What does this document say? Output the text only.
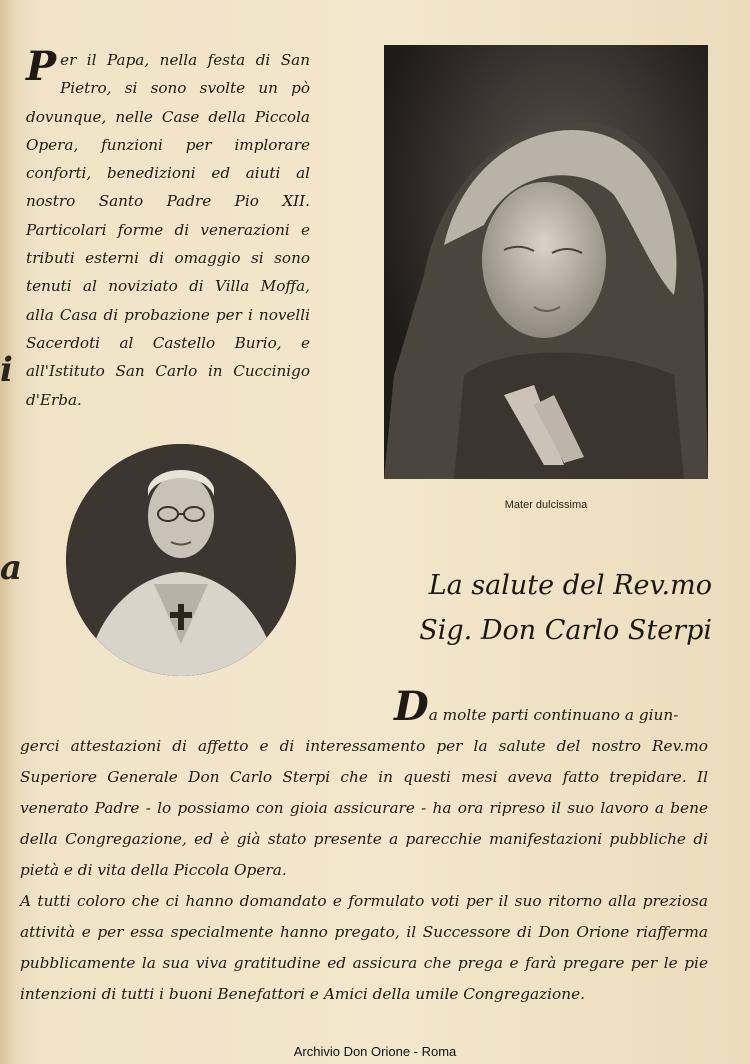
i
a
Per il Papa, nella festa di San Pietro, si sono svolte un pò dovunque, nelle Case della Piccola Opera, funzioni per implorare conforti, benedizioni ed aiuti al nostro Santo Padre Pio XII. Particolari forme di venerazioni e tributi esterni di omaggio si sono tenuti al noviziato di Villa Moffa, alla Casa di probazione per i novelli Sacerdoti al Castello Burio, e all'Istituto San Carlo in Cuccinigo d'Erba.
Mater dulcissima
La salute del Rev.mo
Sig. Don Carlo Sterpi
Da molte parti continuano a giun-
gerci attestazioni di affetto e di interessamento per la salute del nostro Rev.mo Superiore Generale Don Carlo Sterpi che in questi mesi aveva fatto trepidare. Il venerato Padre - lo possiamo con gioia assicurare - ha ora ripreso il suo lavoro a bene della Congregazione, ed è già stato presente a parecchie manifestazioni pubbliche di pietà e di vita della Piccola Opera.
A tutti coloro che ci hanno domandato e formulato voti per il suo ritorno alla preziosa attività e per essa specialmente hanno pregato, il Successore di Don Orione riafferma pubblicamente la sua viva gratitudine ed assicura che prega e farà pregare per le pie intenzioni di tutti i buoni Benefattori e Amici della umile Congregazione.
Archivio Don Orione - Roma
